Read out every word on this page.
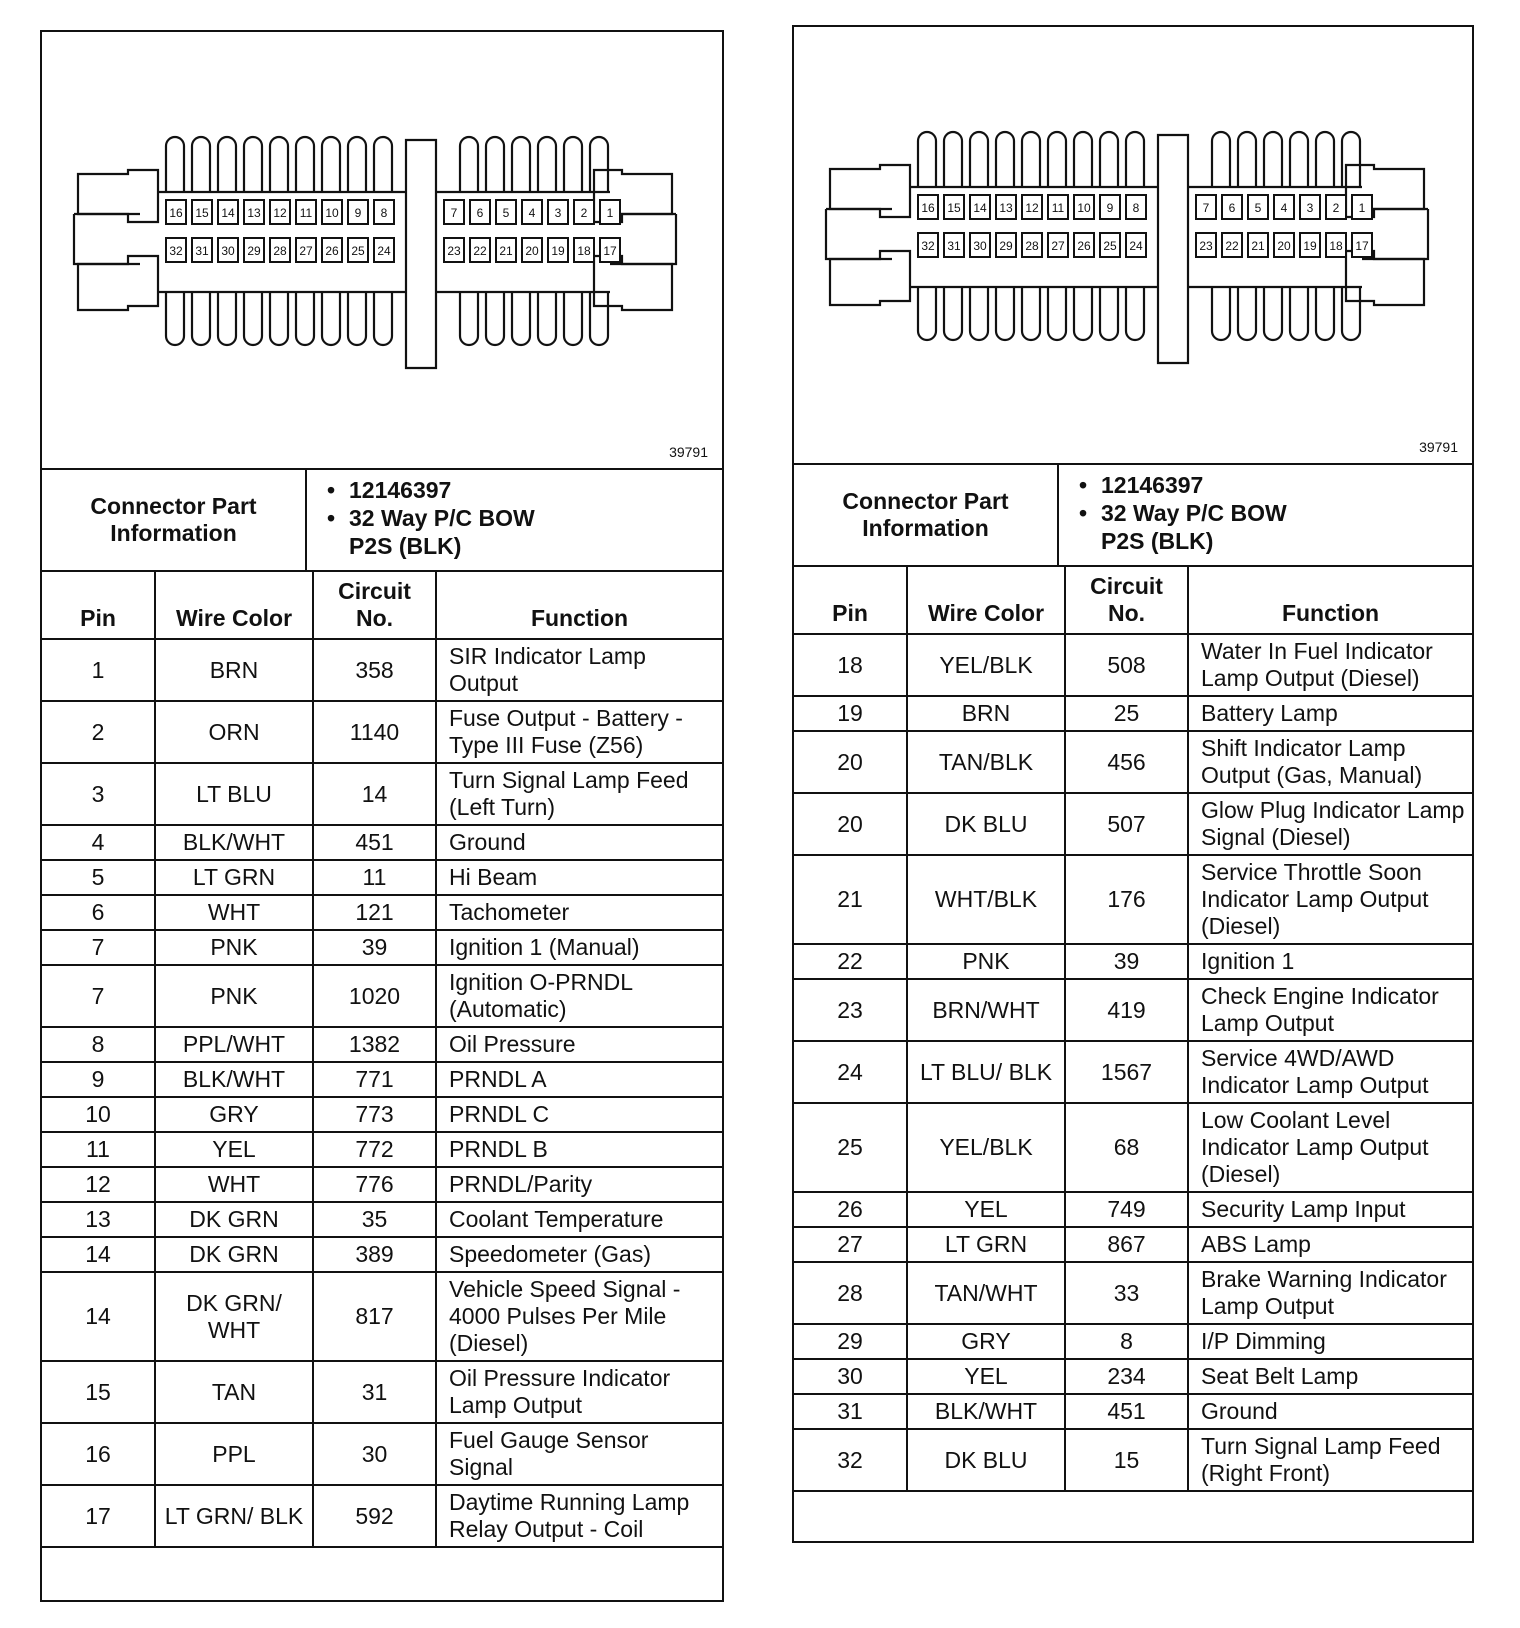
16 15 14 13 12 11 10 9 8	7 6 5 4 3 2 1
32 31 30 29 28 27 26 25 24	23 22 21 20 19 18 17
39791
Connector Part Information
• 12146397
• 32 Way P/C BOW
P2S (BLK)
Pin	Wire Color	Circuit No.	Function
1	BRN	358	SIR Indicator Lamp Output
2	ORN	1140	Fuse Output - Battery - Type III Fuse (Z56)
3	LT BLU	14	Turn Signal Lamp Feed (Left Turn)
4	BLK/WHT	451	Ground
5	LT GRN	11	Hi Beam
6	WHT	121	Tachometer
7	PNK	39	Ignition 1 (Manual)
7	PNK	1020	Ignition O-PRNDL (Automatic)
8	PPL/WHT	1382	Oil Pressure
9	BLK/WHT	771	PRNDL A
10	GRY	773	PRNDL C
11	YEL	772	PRNDL B
12	WHT	776	PRNDL/Parity
13	DK GRN	35	Coolant Temperature
14	DK GRN	389	Speedometer (Gas)
14	DK GRN/ WHT	817	Vehicle Speed Signal - 4000 Pulses Per Mile (Diesel)
15	TAN	31	Oil Pressure Indicator Lamp Output
16	PPL	30	Fuel Gauge Sensor Signal
17	LT GRN/ BLK	592	Daytime Running Lamp Relay Output - Coil
16 15 14 13 12 11 10 9 8	7 6 5 4 3 2 1
32 31 30 29 28 27 26 25 24	23 22 21 20 19 18 17
39791
Connector Part Information
• 12146397
• 32 Way P/C BOW
P2S (BLK)
Pin	Wire Color	Circuit No.	Function
18	YEL/BLK	508	Water In Fuel Indicator Lamp Output (Diesel)
19	BRN	25	Battery Lamp
20	TAN/BLK	456	Shift Indicator Lamp Output (Gas, Manual)
20	DK BLU	507	Glow Plug Indicator Lamp Signal (Diesel)
21	WHT/BLK	176	Service Throttle Soon Indicator Lamp Output (Diesel)
22	PNK	39	Ignition 1
23	BRN/WHT	419	Check Engine Indicator Lamp Output
24	LT BLU/ BLK	1567	Service 4WD/AWD Indicator Lamp Output
25	YEL/BLK	68	Low Coolant Level Indicator Lamp Output (Diesel)
26	YEL	749	Security Lamp Input
27	LT GRN	867	ABS Lamp
28	TAN/WHT	33	Brake Warning Indicator Lamp Output
29	GRY	8	I/P Dimming
30	YEL	234	Seat Belt Lamp
31	BLK/WHT	451	Ground
32	DK BLU	15	Turn Signal Lamp Feed (Right Front)
